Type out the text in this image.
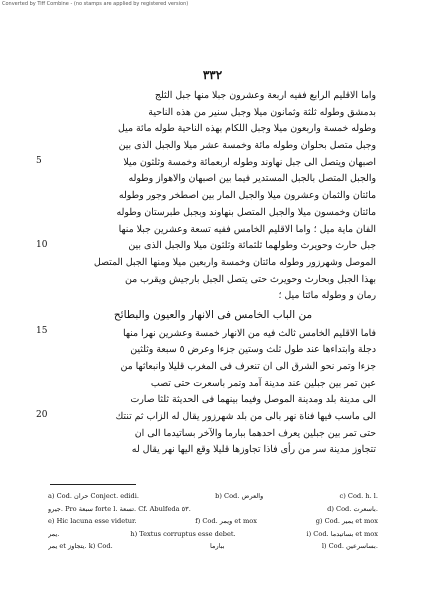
Converted by Tiff Combine - (no stamps are applied by registered version)
٣٣٢
واما الاقليم الرابع ففيه اربعة وعشرون جبلا منها جبل الثلج
بدمشق وطوله ثلثة وثمانون ميلا وجبل سنير من هذه الناحية
وطوله خمسة واربعون ميلا وجبل اللكام بهذه الناحية طوله مائة ميل
وجبل متصل بحلوان وطوله مائة وخمسة عشر ميلا والجبل الذى بين
اصبهان ويتصل الى جبل نهاوند وطوله اربعمائة وخمسة وثلثون ميلا
والجبل المتصل بالجبل المستدير فيما بين اصبهان والاهواز وطوله
مائتان والثمان وعشرون ميلا والجبل المار بين اصطخر وجور وطوله
مائتان وخمسون ميلا والجبل المتصل بنهاوند وبجبل طبرستان وطوله
الفان ماية ميل ؛ واما الاقليم الخامس ففيه تسعة وعشرين جبلا منها
جبل حارث وحويرث وطولهما ثلثمائة وثلثون ميلا والجبل الذى بين
الموصل وشهرزور وطوله مائتان وخمسة واربعين ميلا ومنها الجبل المتصل
بهذا الجبل وبحارث وحويرث حتى يتصل الجبل بارجيش ويقرب من
رمان و وطوله مائتا ميل ؛
من الباب الخامس فى الانهار والعيون والبطائح
فاما الاقليم الخامس ثالث فيه من الانهار خمسة وعشرين نهرا منها
دجلة وابتداءها عند طول ثلث وستين جزءا وعرض ٥ سبعة وثلثين
جزءا وتمر نحو الشرق الى ان تنعرف فى المغرب قليلا وانبعاثها من
عين تمر بين جبلين عند مدينة آمد وتمر باسعرت حتى تصب
الى مدينة بلد ومدينة الموصل وفيما بينهما فى الحديثة ثلثا صارت
الى ماسب فيها فناة نهر بالى من بلد شهرزور يقال له الزاب ثم تنتك
حتى تمر بين جبلين يعرف احدهما ببارما والآخر بساتيدما الى ان
تتجاوز مدينة سر من رأى فاذا تجاوزها قليلا وقع اليها نهر يقال له
5
10
15
20
a) Cod. حران Conject. edidi.	b) Cod. والعرض	c) Cod. h. l.
جيرو. Pro سبعة forte l. تسعة. Cf. Abulfeda ٥٣.	d) Cod. باسعرت.
e) Hic lacuna esse videtur.	f) Cod. ويمر et mox	g) Cod. يمير et mox
يمر.	h) Textus corruptus esse debet.	i) Cod. بساتيدما et mox
يمر et يتجاوز. k) Cod.	ببارما	l) Cod. بساسرعين.
